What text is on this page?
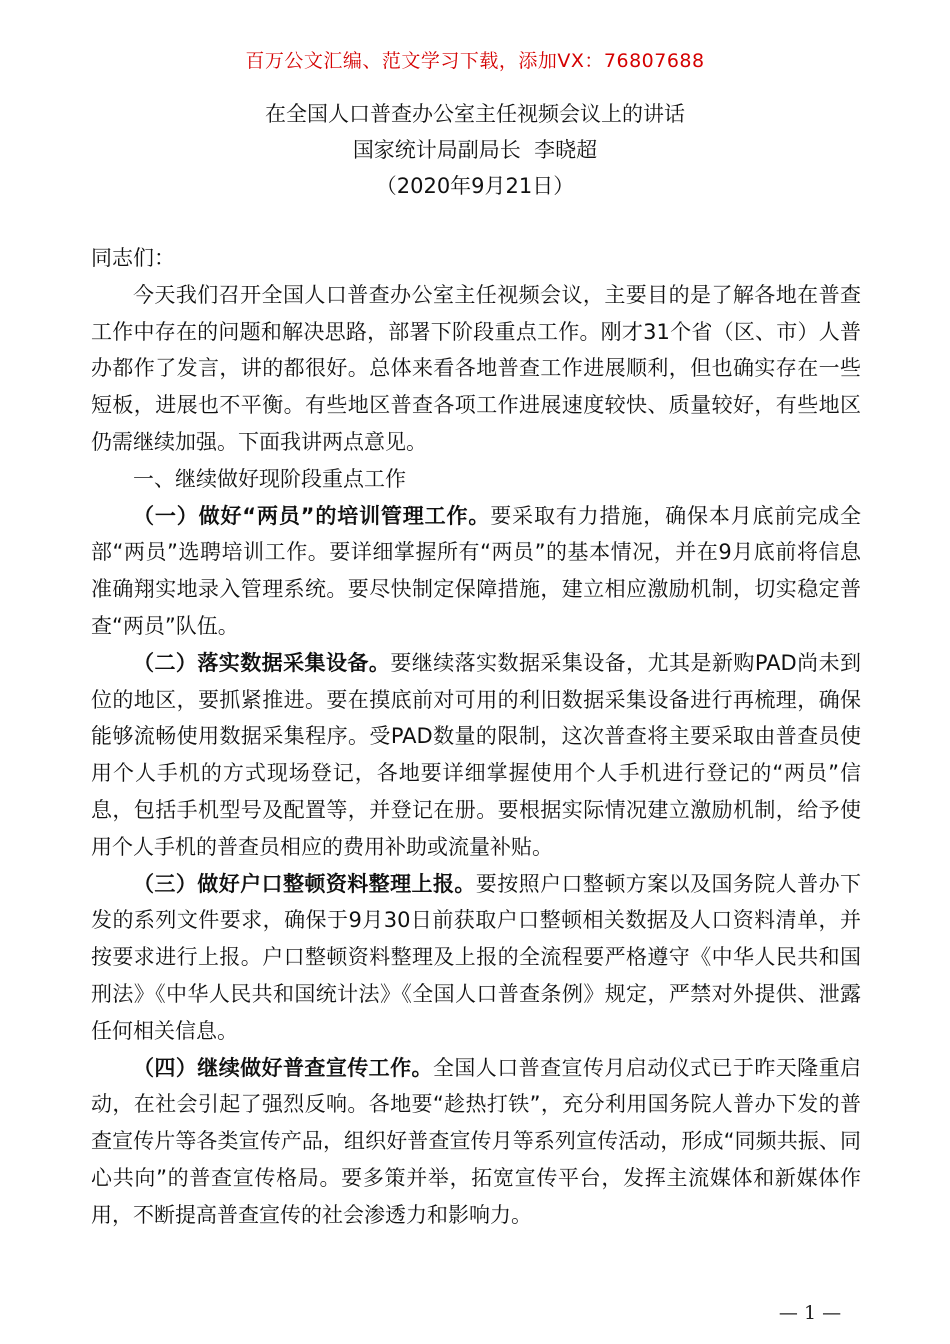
百万公文汇编、范文学习下载，添加VX：76807688
在全国人口普查办公室主任视频会议上的讲话
国家统计局副局长  李晓超
（2020年9月21日）

同志们：

今天我们召开全国人口普查办公室主任视频会议，主要目的是了解各地在普查工作中存在的问题和解决思路，部署下阶段重点工作。刚才31个省（区、市）人普办都作了发言，讲的都很好。总体来看各地普查工作进展顺利，但也确实存在一些短板，进展也不平衡。有些地区普查各项工作进展速度较快、质量较好，有些地区仍需继续加强。下面我讲两点意见。

一、继续做好现阶段重点工作

（一）做好“两员”的培训管理工作。要采取有力措施，确保本月底前完成全部“两员”选聘培训工作。要详细掌握所有“两员”的基本情况，并在9月底前将信息准确翔实地录入管理系统。要尽快制定保障措施，建立相应激励机制，切实稳定普查“两员”队伍。

（二）落实数据采集设备。要继续落实数据采集设备，尤其是新购PAD尚未到位的地区，要抓紧推进。要在摸底前对可用的利旧数据采集设备进行再梳理，确保能够流畅使用数据采集程序。受PAD数量的限制，这次普查将主要采取由普查员使用个人手机的方式现场登记，各地要详细掌握使用个人手机进行登记的“两员”信息，包括手机型号及配置等，并登记在册。要根据实际情况建立激励机制，给予使用个人手机的普查员相应的费用补助或流量补贴。

（三）做好户口整顿资料整理上报。要按照户口整顿方案以及国务院人普办下发的系列文件要求，确保于9月30日前获取户口整顿相关数据及人口资料清单，并按要求进行上报。户口整顿资料整理及上报的全流程要严格遵守《中华人民共和国刑法》《中华人民共和国统计法》《全国人口普查条例》规定，严禁对外提供、泄露任何相关信息。

（四）继续做好普查宣传工作。全国人口普查宣传月启动仪式已于昨天隆重启动，在社会引起了强烈反响。各地要“趁热打铁”，充分利用国务院人普办下发的普查宣传片等各类宣传产品，组织好普查宣传月等系列宣传活动，形成“同频共振、同心共向”的普查宣传格局。要多策并举，拓宽宣传平台，发挥主流媒体和新媒体作用，不断提高普查宣传的社会渗透力和影响力。

— 1 —
